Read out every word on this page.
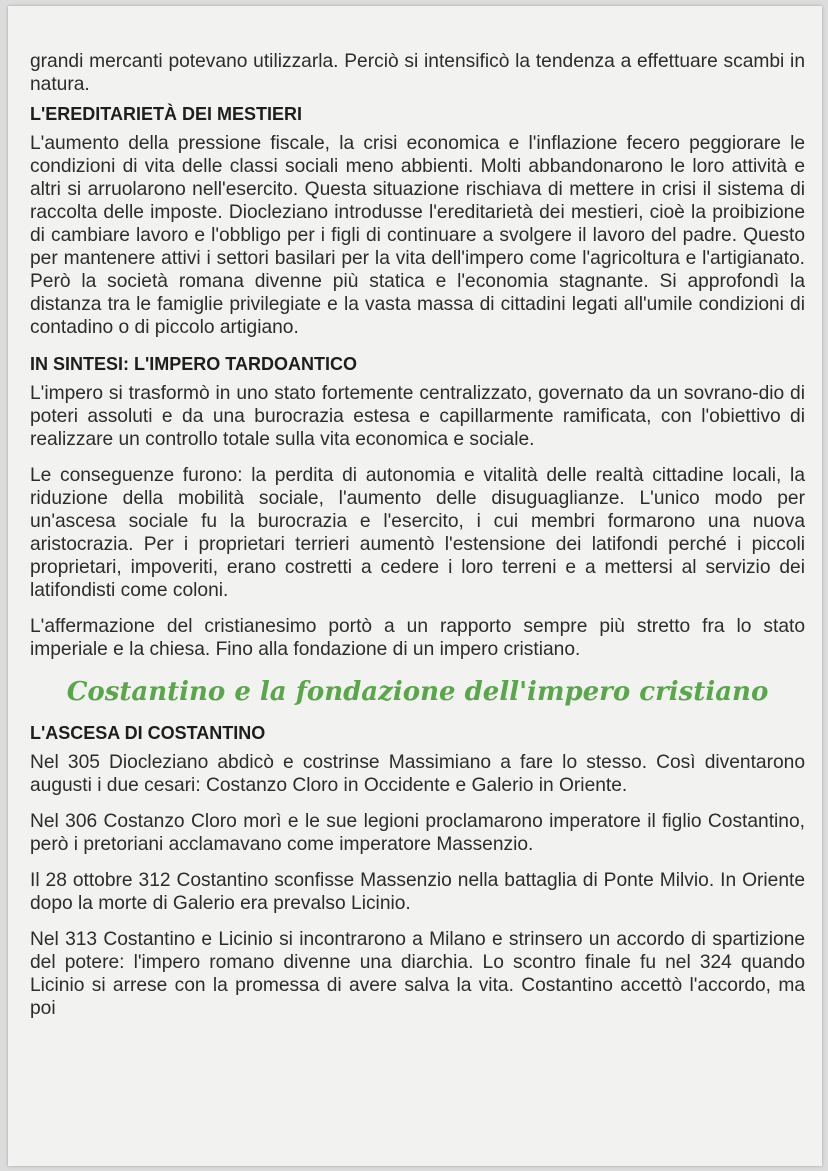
grandi mercanti potevano utilizzarla. Perciò si intensificò la tendenza a effettuare scambi in natura.

L'EREDITARIETÀ DEI MESTIERI

L'aumento della pressione fiscale, la crisi economica e l'inflazione fecero peggiorare le condizioni di vita delle classi sociali meno abbienti. Molti abbandonarono le loro attività e altri si arruolarono nell'esercito. Questa situazione rischiava di mettere in crisi il sistema di raccolta delle imposte. Diocleziano introdusse l'ereditarietà dei mestieri, cioè la proibizione di cambiare lavoro e l'obbligo per i figli di continuare a svolgere il lavoro del padre. Questo per mantenere attivi i settori basilari per la vita dell'impero come l'agricoltura e l'artigianato. Però la società romana divenne più statica e l'economia stagnante. Si approfondì la distanza tra le famiglie privilegiate e la vasta massa di cittadini legati all'umile condizioni di contadino o di piccolo artigiano.

IN SINTESI: L'IMPERO TARDOANTICO

L'impero si trasformò in uno stato fortemente centralizzato, governato da un sovrano-dio di poteri assoluti e da una burocrazia estesa e capillarmente ramificata, con l'obiettivo di realizzare un controllo totale sulla vita economica e sociale.

Le conseguenze furono: la perdita di autonomia e vitalità delle realtà cittadine locali, la riduzione della mobilità sociale, l'aumento delle disuguaglianze. L'unico modo per un'ascesa sociale fu la burocrazia e l'esercito, i cui membri formarono una nuova aristocrazia. Per i proprietari terrieri aumentò l'estensione dei latifondi perché i piccoli proprietari, impoveriti, erano costretti a cedere i loro terreni e a mettersi al servizio dei latifondisti come coloni.

L'affermazione del cristianesimo portò a un rapporto sempre più stretto fra lo stato imperiale e la chiesa. Fino alla fondazione di un impero cristiano.

Costantino e la fondazione dell'impero cristiano
L'ASCESA DI COSTANTINO

Nel 305 Diocleziano abdicò e costrinse Massimiano a fare lo stesso. Così diventarono augusti i due cesari: Costanzo Cloro in Occidente e Galerio in Oriente.

Nel 306 Costanzo Cloro morì e le sue legioni proclamarono imperatore il figlio Costantino, però i pretoriani acclamavano come imperatore Massenzio.

Il 28 ottobre 312 Costantino sconfisse Massenzio nella battaglia di Ponte Milvio. In Oriente dopo la morte di Galerio era prevalso Licinio.

Nel 313 Costantino e Licinio si incontrarono a Milano e strinsero un accordo di spartizione del potere: l'impero romano divenne una diarchia. Lo scontro finale fu nel 324 quando Licinio si arrese con la promessa di avere salva la vita. Costantino accettò l'accordo, ma poi
